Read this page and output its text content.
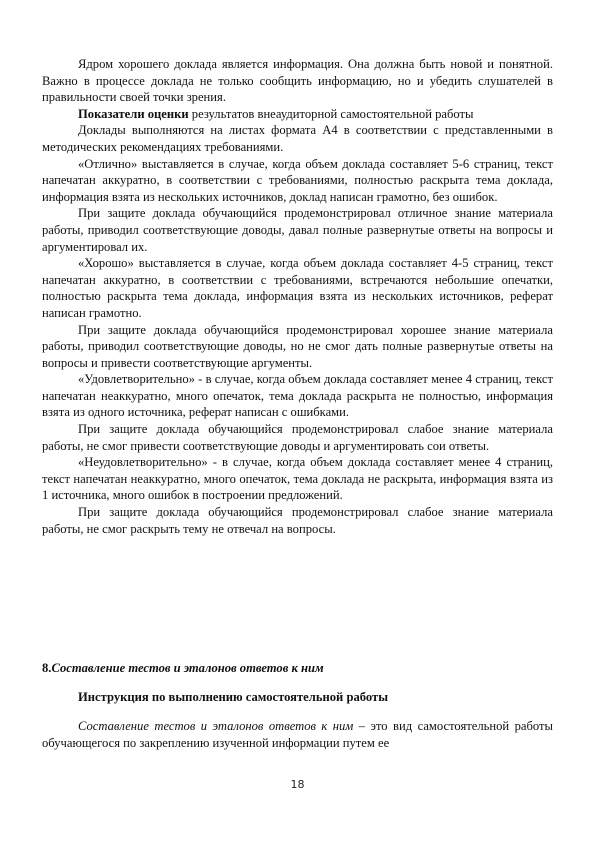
Ядром хорошего доклада является информация. Она должна быть новой и понятной. Важно в процессе доклада не только сообщить информацию, но и убедить слушателей в правильности своей точки зрения.

Показатели оценки результатов внеаудиторной самостоятельной работы

Доклады выполняются на листах формата А4 в соответствии с представленными в методических рекомендациях требованиями.

«Отлично» выставляется в случае, когда объем доклада составляет 5-6 страниц, текст напечатан аккуратно, в соответствии с требованиями, полностью раскрыта тема доклада, информация взята из нескольких источников, доклад написан грамотно, без ошибок.

При защите доклада обучающийся продемонстрировал отличное знание материала работы, приводил соответствующие доводы, давал полные развернутые ответы на вопросы и аргументировал их.

«Хорошо» выставляется в случае, когда объем доклада составляет 4-5 страниц, текст напечатан аккуратно, в соответствии с требованиями, встречаются небольшие опечатки, полностью раскрыта тема доклада, информация взята из нескольких источников, реферат написан грамотно.

При защите доклада обучающийся продемонстрировал хорошее знание материала работы, приводил соответствующие доводы, но не смог дать полные развернутые ответы на вопросы и привести соответствующие аргументы.

«Удовлетворительно» - в случае, когда объем доклада составляет менее 4 страниц, текст напечатан неаккуратно, много опечаток, тема доклада раскрыта не полностью, информация взята из одного источника, реферат написан с ошибками.

При защите доклада обучающийся продемонстрировал слабое знание материала работы, не смог привести соответствующие доводы и аргументировать сои ответы.

«Неудовлетворительно» - в случае, когда объем доклада составляет менее 4 страниц, текст напечатан неаккуратно, много опечаток, тема доклада не раскрыта, информация взята из 1 источника, много ошибок в построении предложений.

При защите доклада обучающийся продемонстрировал слабое знание материала работы, не смог раскрыть тему не отвечал на вопросы.

8.Составление тестов и эталонов ответов к ним

Инструкция по выполнению самостоятельной работы

Составление тестов и эталонов ответов к ним – это вид самостоятельной работы обучающегося по закреплению изученной информации путем ее

18
